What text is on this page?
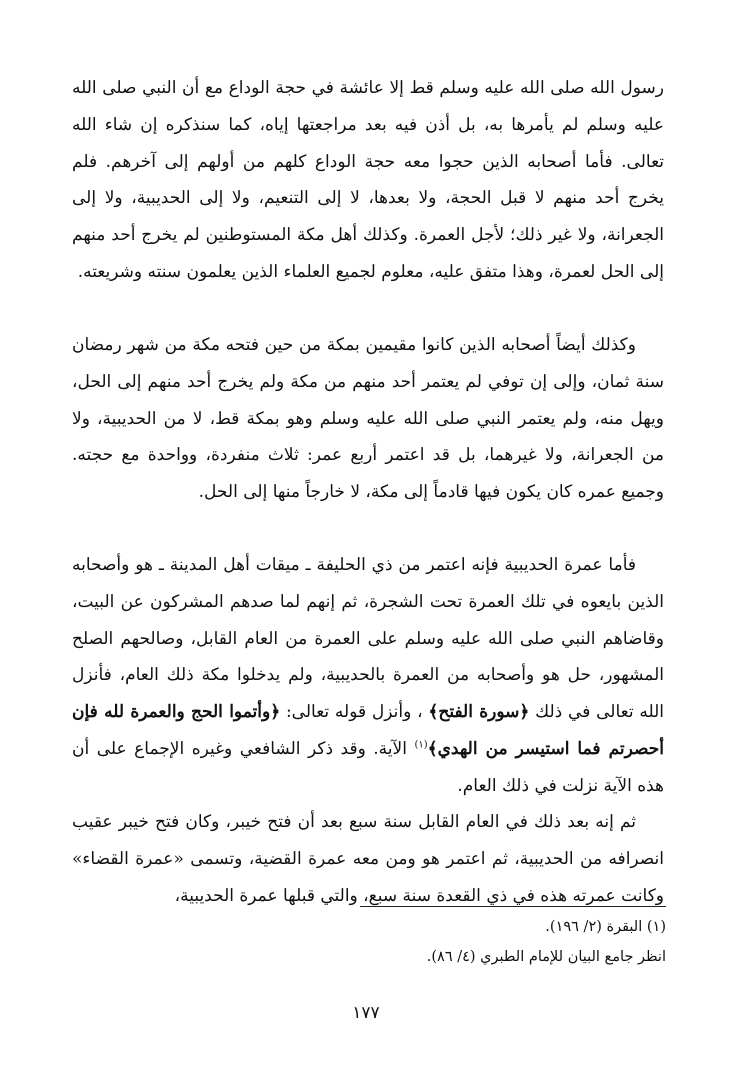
رسول الله صلى الله عليه وسلم قط إلا عائشة في حجة الوداع مع أن النبي صلى الله عليه وسلم لم يأمرها به، بل أذن فيه بعد مراجعتها إياه، كما سنذكره إن شاء الله تعالى. فأما أصحابه الذين حجوا معه حجة الوداع كلهم من أولهم إلى آخرهم. فلم يخرج أحد منهم لا قبل الحجة، ولا بعدها، لا إلى التنعيم، ولا إلى الحديبية، ولا إلى الجعرانة، ولا غير ذلك؛ لأجل العمرة. وكذلك أهل مكة المستوطنين لم يخرج أحد منهم إلى الحل لعمرة، وهذا متفق عليه، معلوم لجميع العلماء الذين يعلمون سنته وشريعته.

وكذلك أيضاً أصحابه الذين كانوا مقيمين بمكة من حين فتحه مكة من شهر رمضان سنة ثمان، وإلى إن توفي لم يعتمر أحد منهم من مكة ولم يخرج أحد منهم إلى الحل، ويهل منه، ولم يعتمر النبي صلى الله عليه وسلم وهو بمكة قط، لا من الحديبية، ولا من الجعرانة، ولا غيرهما، بل قد اعتمر أربع عمر: ثلاث منفردة، وواحدة مع حجته. وجميع عمره كان يكون فيها قادماً إلى مكة، لا خارجاً منها إلى الحل.

فأما عمرة الحديبية فإنه اعتمر من ذي الحليفة ـ ميقات أهل المدينة ـ هو وأصحابه الذين بايعوه في تلك العمرة تحت الشجرة، ثم إنهم لما صدهم المشركون عن البيت، وقاضاهم النبي صلى الله عليه وسلم على العمرة من العام القابل، وصالحهم الصلح المشهور، حل هو وأصحابه من العمرة بالحديبية، ولم يدخلوا مكة ذلك العام، فأنزل الله تعالى في ذلك ﴿سورة الفتح﴾ ، وأنزل قوله تعالى: ﴿وأتموا الحج والعمرة لله فإن أحصرتم فما استيسر من الهدي﴾$^{(١)}$ الآية. وقد ذكر الشافعي وغيره الإجماع على أن هذه الآية نزلت في ذلك العام.

ثم إنه بعد ذلك في العام القابل سنة سبع بعد أن فتح خيبر، وكان فتح خيبر عقيب انصرافه من الحديبية، ثم اعتمر هو ومن معه عمرة القضية، وتسمى «عمرة القضاء» وكانت عمرته هذه في ذي القعدة سنة سبع، والتي قبلها عمرة الحديبية،

(١) البقرة (٢/ ١٩٦).
انظر جامع البيان للإمام الطبري (٤/ ٨٦).
١٧٧
